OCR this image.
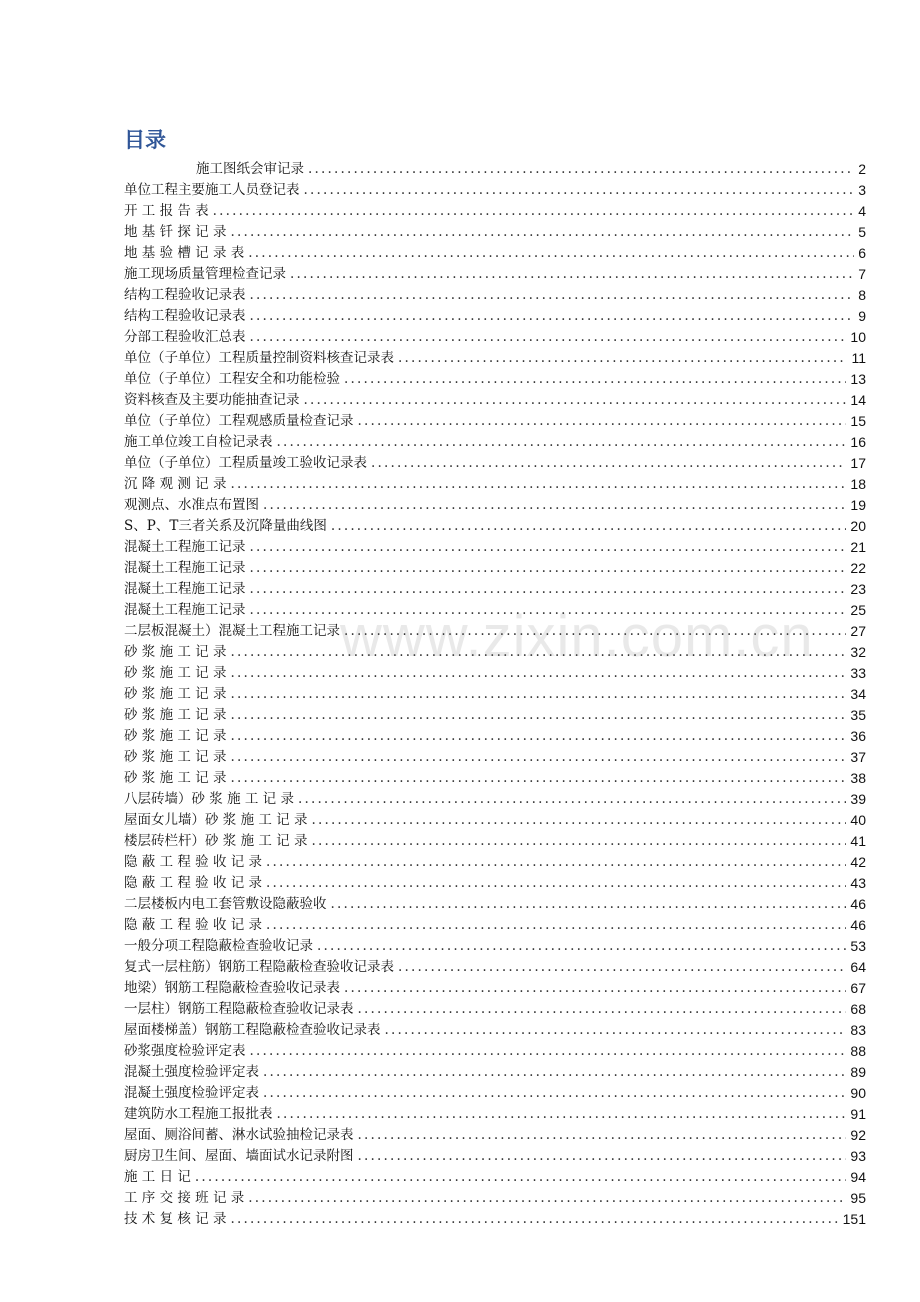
目录
施工图纸会审记录 .....	2
单位工程主要施工人员登记表 .....	3
开 工 报 告 表 .....	4
地 基 钎 探 记 录 .....	5
地 基 验 槽 记 录 表 .....	6
施工现场质量管理检查记录 .....	7
结构工程验收记录表 .....	8
结构工程验收记录表 .....	9
分部工程验收汇总表 .....	10
单位（子单位）工程质量控制资料核查记录表 .....	11
单位（子单位）工程安全和功能检验 .....	13
资料核查及主要功能抽查记录 .....	14
单位（子单位）工程观感质量检查记录 .....	15
施工单位竣工自检记录表 .....	16
单位（子单位）工程质量竣工验收记录表 .....	17
沉 降 观 测 记 录 .....	18
观测点、水准点布置图 .....	19
S、P、T三者关系及沉降量曲线图 .....	20
混凝土工程施工记录 .....	21
混凝土工程施工记录 .....	22
混凝土工程施工记录 .....	23
混凝土工程施工记录 .....	25
二层板混凝土）混凝土工程施工记录 .....	27
砂 浆 施 工 记 录 .....	32
砂 浆 施 工 记 录 .....	33
砂 浆 施 工 记 录 .....	34
砂 浆 施 工 记 录 .....	35
砂 浆 施 工 记 录 .....	36
砂 浆 施 工 记 录 .....	37
砂 浆 施 工 记 录 .....	38
八层砖墙）砂 浆 施 工 记 录 .....	39
屋面女儿墙）砂 浆 施 工 记 录 .....	40
楼层砖栏杆）砂 浆 施 工 记 录 .....	41
隐 蔽 工 程 验 收 记 录 .....	42
隐 蔽 工 程 验 收 记 录 .....	43
二层楼板内电工套管敷设隐蔽验收 .....	46
隐 蔽 工 程 验 收 记 录 .....	46
一般分项工程隐蔽检查验收记录 .....	53
复式一层柱筋）钢筋工程隐蔽检查验收记录表 .....	64
地梁）钢筋工程隐蔽检查验收记录表 .....	67
一层柱）钢筋工程隐蔽检查验收记录表 .....	68
屋面楼梯盖）钢筋工程隐蔽检查验收记录表 .....	83
砂浆强度检验评定表 .....	88
混凝土强度检验评定表 .....	89
混凝土强度检验评定表 .....	90
建筑防水工程施工报批表 .....	91
屋面、厕浴间蓄、淋水试验抽检记录表 .....	92
厨房卫生间、屋面、墙面试水记录附图 .....	93
施 工 日 记 .....	94
工 序 交 接 班 记 录 .....	95
技 术 复 核 记 录 .....	151
www.zixin.com.cn
